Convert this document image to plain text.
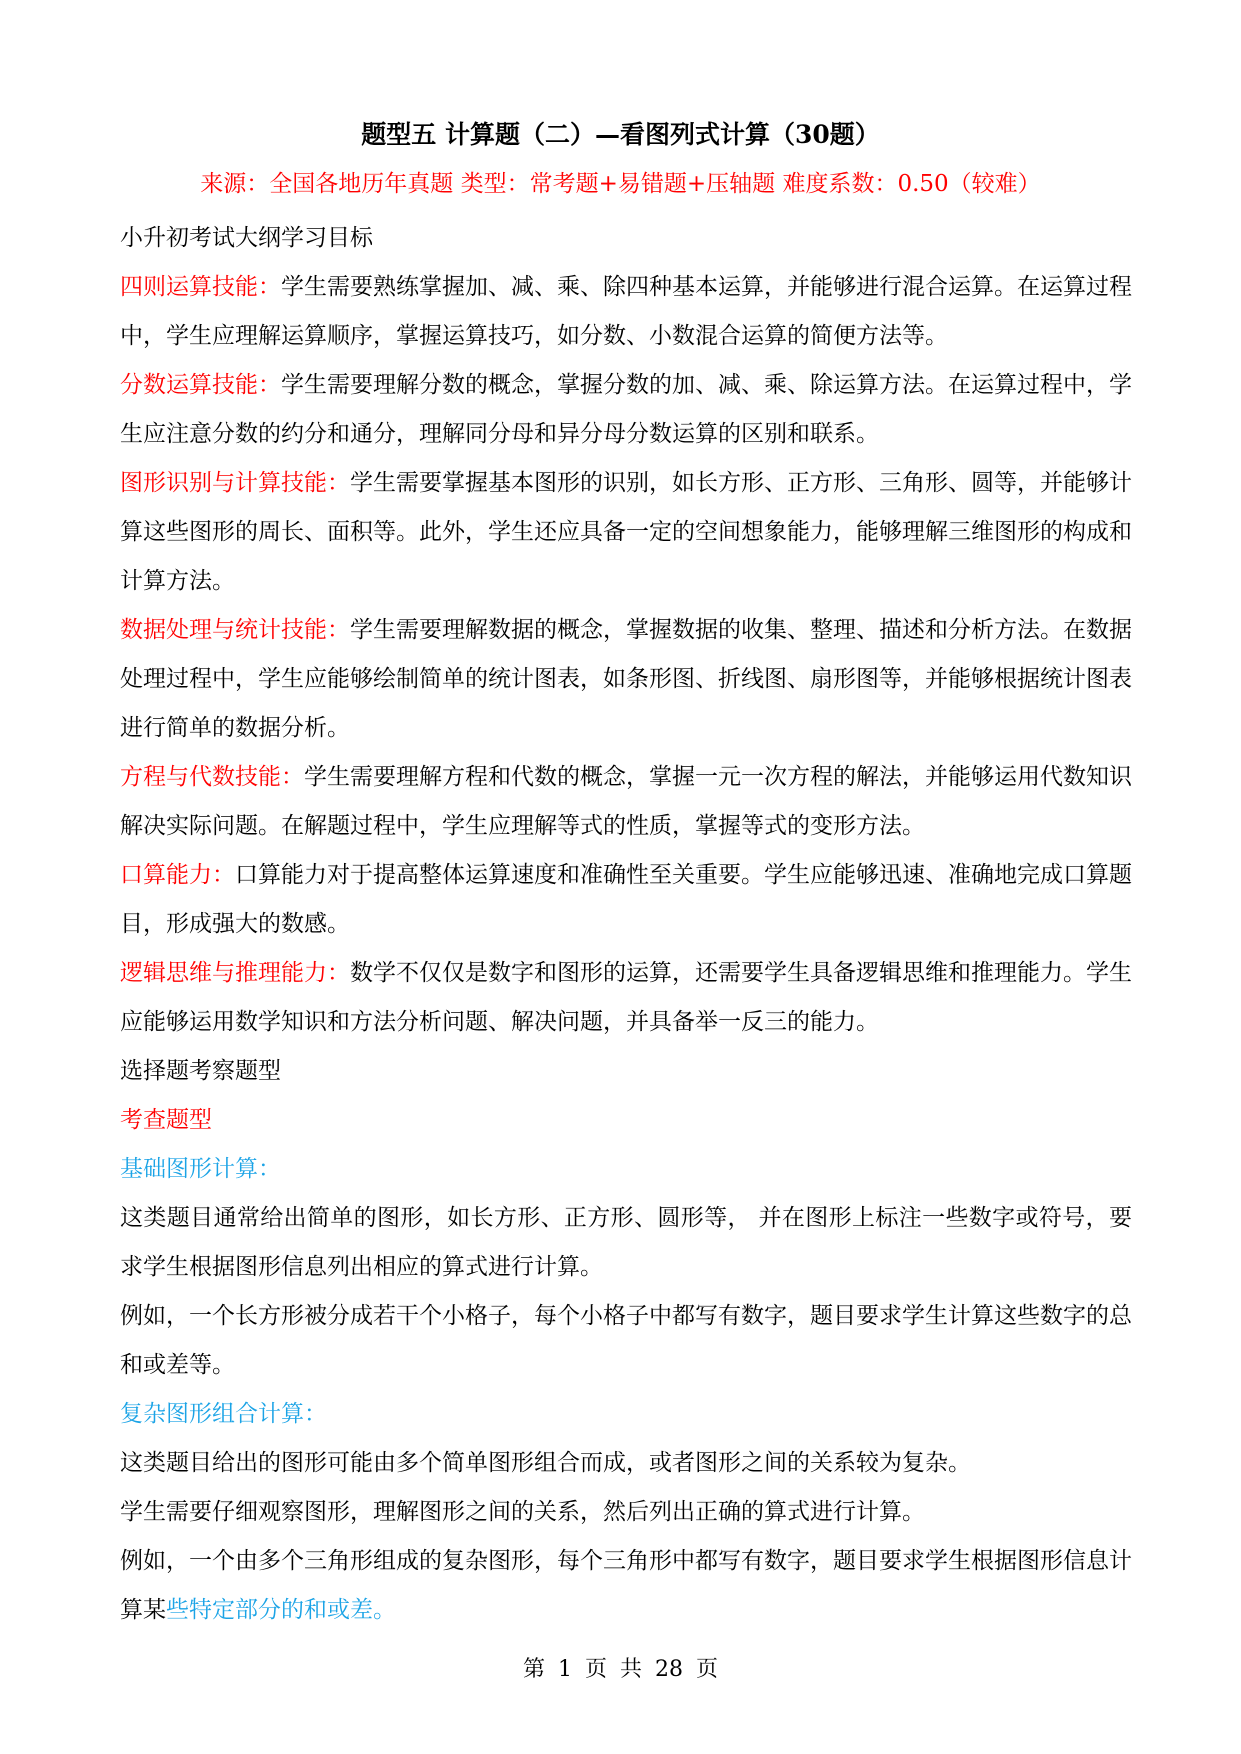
题型五 计算题（二）—看图列式计算（30题）
来源：全国各地历年真题 类型：常考题+易错题+压轴题 难度系数：0.50（较难）

小升初考试大纲学习目标

四则运算技能：学生需要熟练掌握加、减、乘、除四种基本运算，并能够进行混合运算。在运算过程中，学生应理解运算顺序，掌握运算技巧，如分数、小数混合运算的简便方法等。

分数运算技能：学生需要理解分数的概念，掌握分数的加、减、乘、除运算方法。在运算过程中，学生应注意分数的约分和通分，理解同分母和异分母分数运算的区别和联系。

图形识别与计算技能：学生需要掌握基本图形的识别，如长方形、正方形、三角形、圆等，并能够计算这些图形的周长、面积等。此外，学生还应具备一定的空间想象能力，能够理解三维图形的构成和计算方法。

数据处理与统计技能：学生需要理解数据的概念，掌握数据的收集、整理、描述和分析方法。在数据处理过程中，学生应能够绘制简单的统计图表，如条形图、折线图、扇形图等，并能够根据统计图表进行简单的数据分析。

方程与代数技能：学生需要理解方程和代数的概念，掌握一元一次方程的解法，并能够运用代数知识解决实际问题。在解题过程中，学生应理解等式的性质，掌握等式的变形方法。

口算能力：口算能力对于提高整体运算速度和准确性至关重要。学生应能够迅速、准确地完成口算题目，形成强大的数感。

逻辑思维与推理能力：数学不仅仅是数字和图形的运算，还需要学生具备逻辑思维和推理能力。学生应能够运用数学知识和方法分析问题、解决问题，并具备举一反三的能力。

选择题考察题型

考查题型

基础图形计算：

这类题目通常给出简单的图形，如长方形、正方形、圆形等， 并在图形上标注一些数字或符号，要求学生根据图形信息列出相应的算式进行计算。

例如，一个长方形被分成若干个小格子，每个小格子中都写有数字，题目要求学生计算这些数字的总和或差等。

复杂图形组合计算：

这类题目给出的图形可能由多个简单图形组合而成，或者图形之间的关系较为复杂。

学生需要仔细观察图形，理解图形之间的关系，然后列出正确的算式进行计算。

例如，一个由多个三角形组成的复杂图形，每个三角形中都写有数字，题目要求学生根据图形信息计算某些特定部分的和或差。

第 1 页 共 28 页
